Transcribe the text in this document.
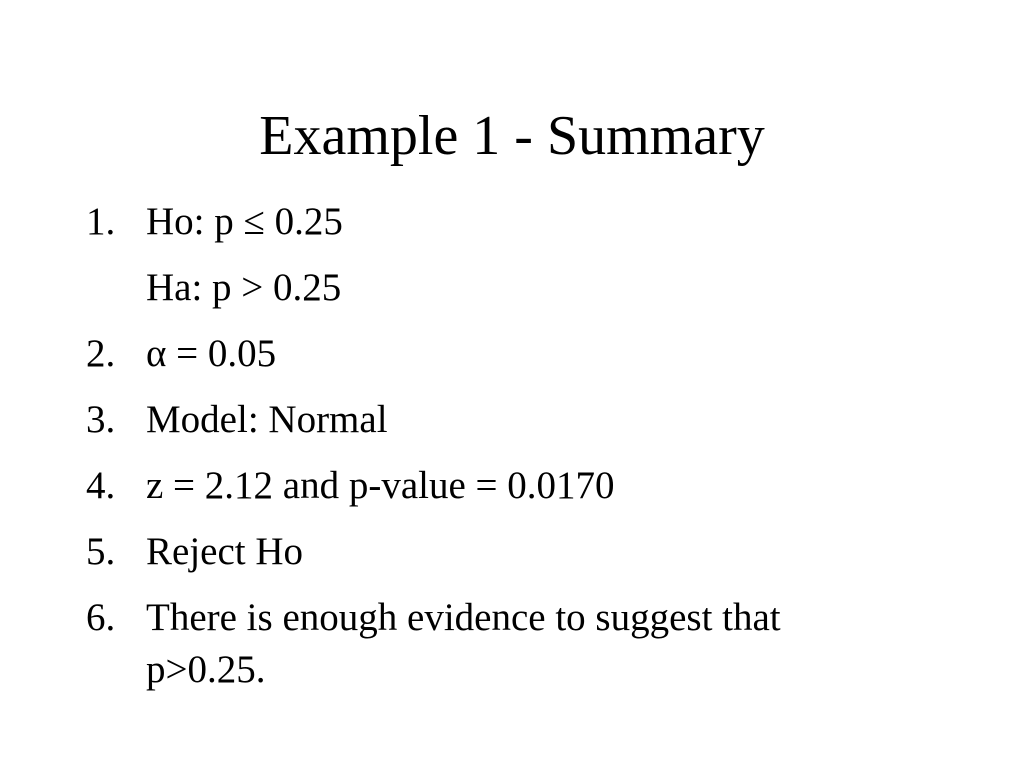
Example 1 - Summary
1. Ho: p ≤ 0.25
Ha: p > 0.25
2. α = 0.05
3. Model: Normal
4. z = 2.12 and p-value = 0.0170
5. Reject Ho
6. There is enough evidence to suggest that
p>0.25.
